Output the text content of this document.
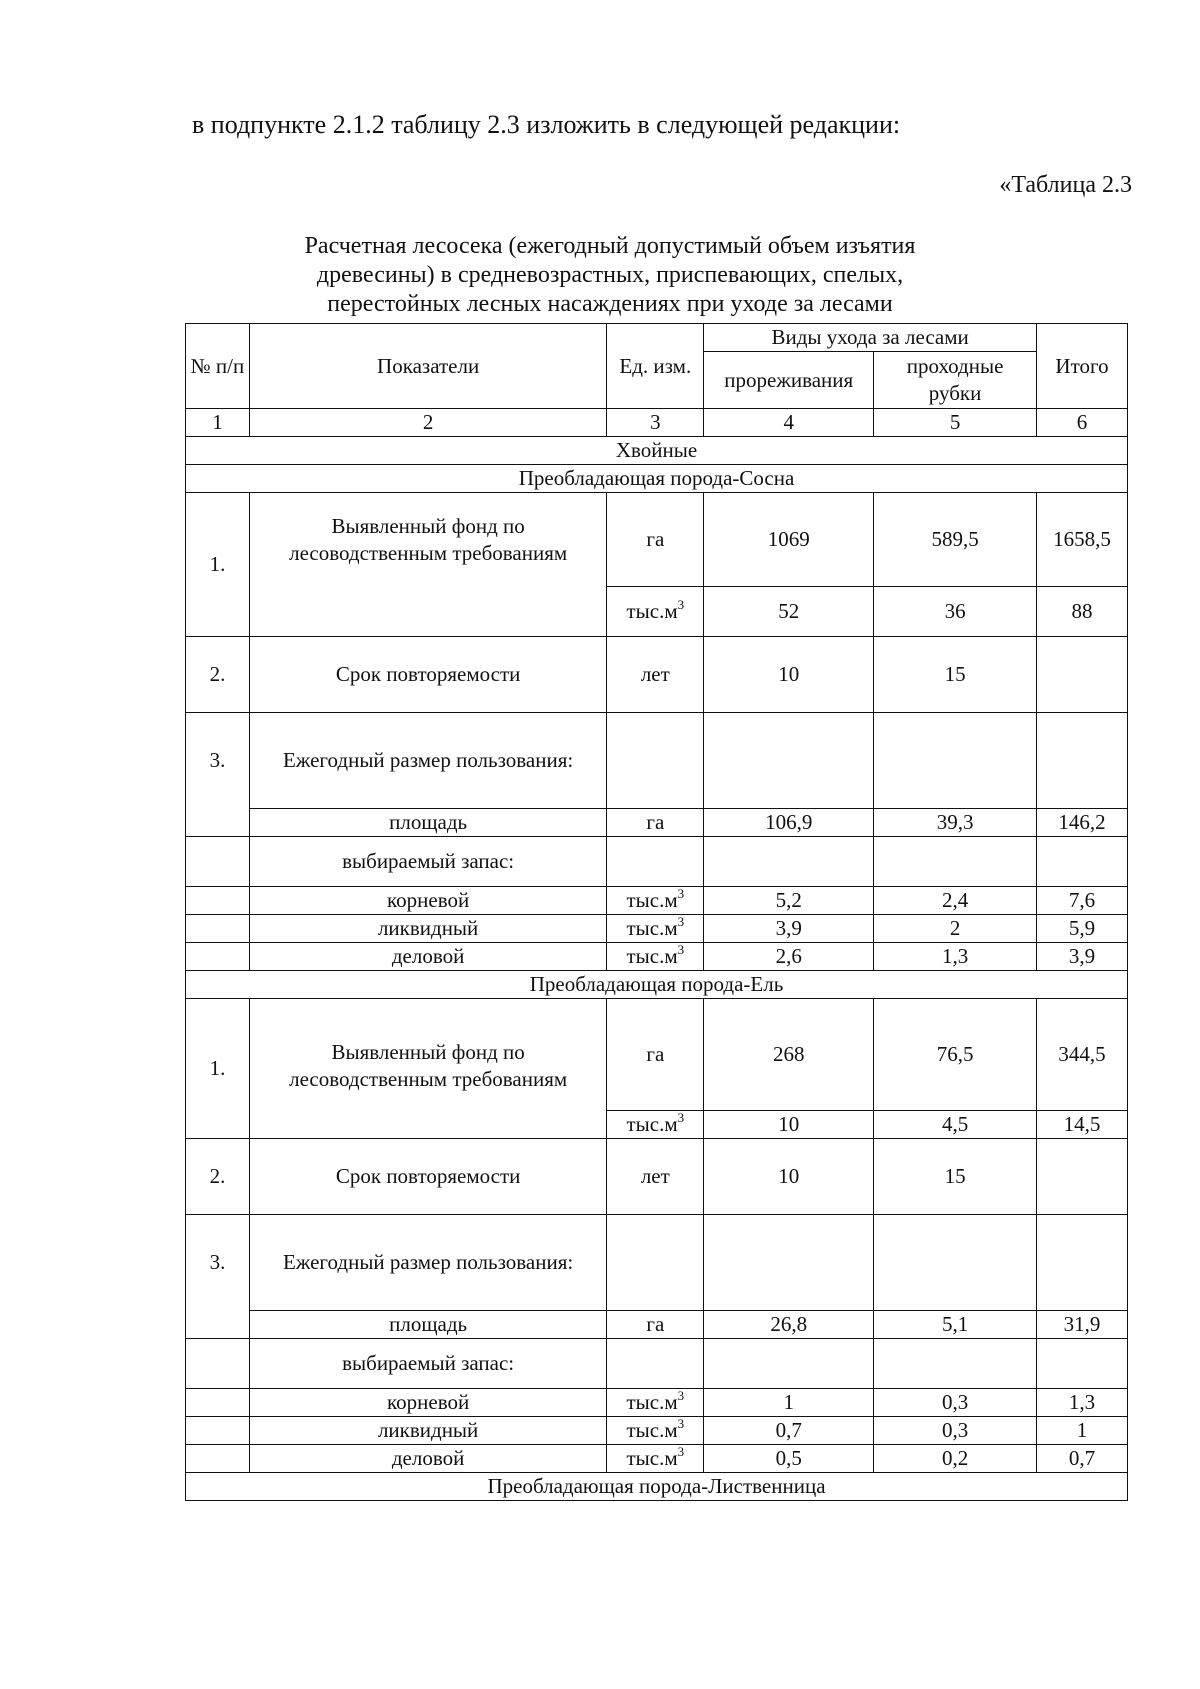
в подпункте 2.1.2 таблицу 2.3 изложить в следующей редакции:
«Таблица 2.3
Расчетная лесосека (ежегодный допустимый объем изъятия древесины) в средневозрастных, приспевающих, спелых, перестойных лесных насаждениях при уходе за лесами
№ п/п	Показатели	Ед. изм.	Виды ухода за лесами		Итого
			прореживания	проходные рубки	
1	2	3	4	5	6
Хвойные					
Преобладающая порода-Сосна					
1.	Выявленный фонд по лесоводственным требованиям	га	1069	589,5	1658,5
		$тыс.м^3$	52	36	88
2.	Срок повторяемости	лет	10	15	
3.	Ежегодный размер пользования:				
	площадь	га	106,9	39,3	146,2
	выбираемый запас:				
	корневой	$тыс.м^3$	5,2	2,4	7,6
	ликвидный	$тыс.м^3$	3,9	2	5,9
	деловой	$тыс.м^3$	2,6	1,3	3,9
Преобладающая порода-Ель					
1.	Выявленный фонд по лесоводственным требованиям	га	268	76,5	344,5
		$тыс.м^3$	10	4,5	14,5
2.	Срок повторяемости	лет	10	15	
3.	Ежегодный размер пользования:				
	площадь	га	26,8	5,1	31,9
	выбираемый запас:				
	корневой	$тыс.м^3$	1	0,3	1,3
	ликвидный	$тыс.м^3$	0,7	0,3	1
	деловой	$тыс.м^3$	0,5	0,2	0,7
Преобладающая порода-Лиственница					
